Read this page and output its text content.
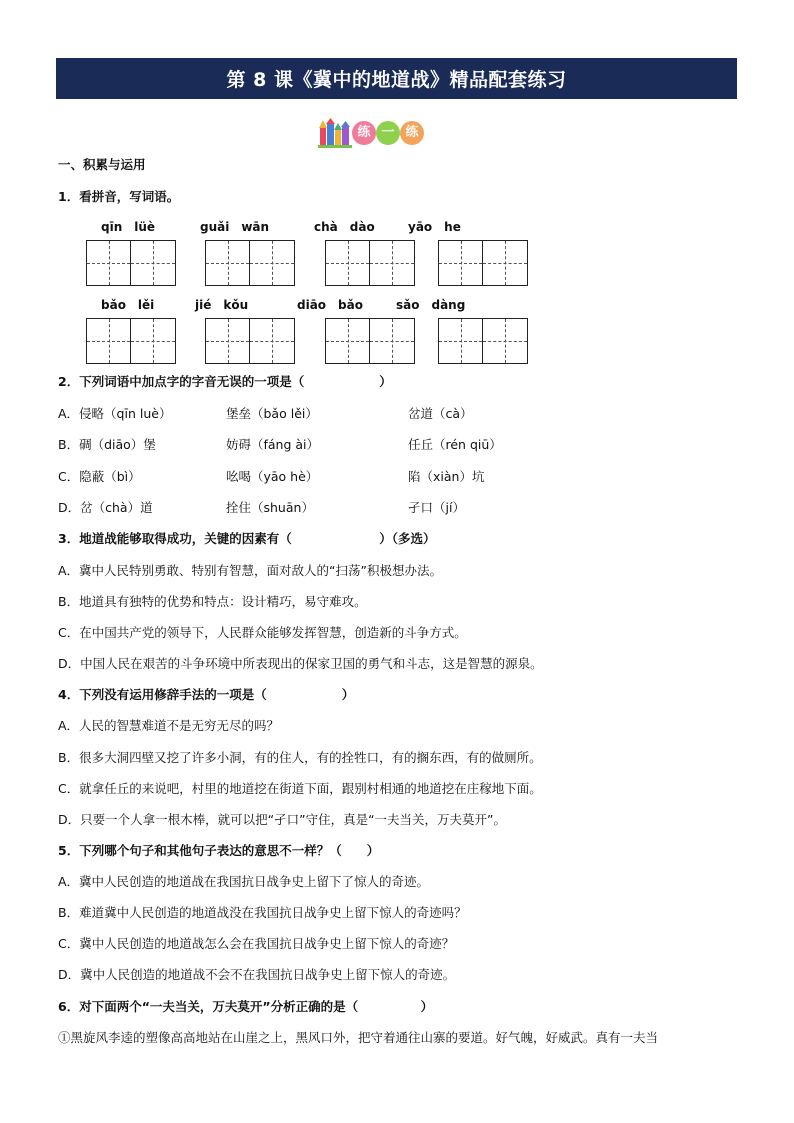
第 8 课《冀中的地道战》精品配套练习
练 一 练
一、积累与运用
1．看拼音，写词语。
qīn　lüè	guǎi　wān	chà　dào	yāo　he
bǎo　lěi	jié　kǒu	diāo　bǎo	sǎo　dàng
2．下列词语中加点字的字音无误的一项是（　　　　　　）
A．侵略（qīn luè）	堡垒（bǎo lěi）	岔道（cà）
B．碉（diāo）堡	妨碍（fáng ài）	任丘（rén qiū）
C．隐蔽（bì）	吆喝（yāo hè）	陷（xiàn）坑
D．岔（chà）道	拴住（shuān）	孑口（jí）
3．地道战能够取得成功，关键的因素有（　　　　　　　）（多选）
A．冀中人民特别勇敢、特别有智慧，面对敌人的“扫荡”积极想办法。
B．地道具有独特的优势和特点：设计精巧，易守难攻。
C．在中国共产党的领导下，人民群众能够发挥智慧，创造新的斗争方式。
D．中国人民在艰苦的斗争环境中所表现出的保家卫国的勇气和斗志，这是智慧的源泉。
4．下列没有运用修辞手法的一项是（　　　　　　）
A．人民的智慧难道不是无穷无尽的吗？
B．很多大洞四壁又挖了许多小洞，有的住人，有的拴牲口，有的搁东西，有的做厕所。
C．就拿任丘的来说吧，村里的地道挖在街道下面，跟别村相通的地道挖在庄稼地下面。
D．只要一个人拿一根木棒，就可以把“孑口”守住，真是“一夫当关，万夫莫开”。
5．下列哪个句子和其他句子表达的意思不一样？（　　）
A．冀中人民创造的地道战在我国抗日战争史上留下了惊人的奇迹。
B．难道冀中人民创造的地道战没在我国抗日战争史上留下惊人的奇迹吗？
C．冀中人民创造的地道战怎么会在我国抗日战争史上留下惊人的奇迹？
D．冀中人民创造的地道战不会不在我国抗日战争史上留下惊人的奇迹。
6．对下面两个“一夫当关，万夫莫开”分析正确的是（　　　　　）
①黑旋风李逵的塑像高高地站在山崖之上，黑风口外，把守着通往山寨的要道。好气魄，好威武。真有一夫当
